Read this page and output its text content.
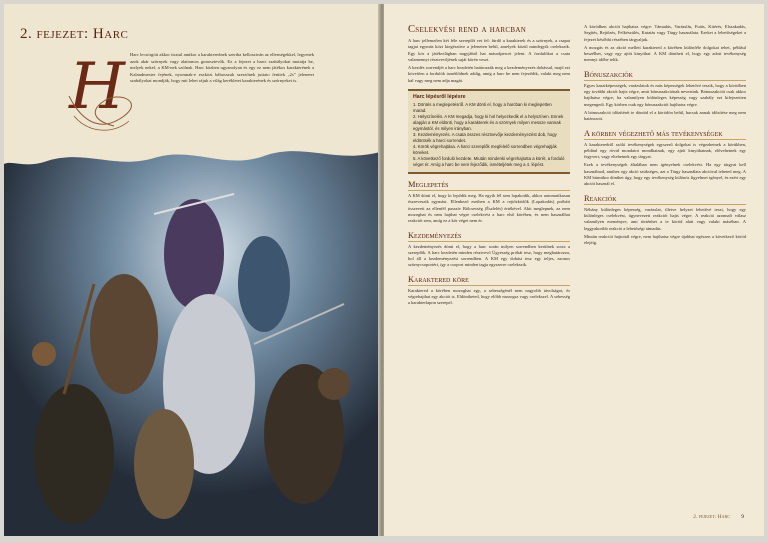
2. fejezet: Harc
H Harc lecsörgött akkor tisztul amikor a karakterednek szeriba kellosztván az ellenségekkel, legyenek azok akár szörnyek vagy alattomos gonosztevők. Ez a fejezet a harci szabályokat mutatja be, melyek nekel, a KM-nek szólnak. Harc közben ugyanolyan és egy ez nem játékos karakterének a Kalandmester fejének, nyomnak-e eszközt bábosszuk szerzőnek juttato fentiek „2s” jelenetet szabályokat mondják, hogy mit lehet rájuk a világ kerékletei karakterének és szórnyeket is.

Cselekvési rend a harcban

A harc jellemzően két féle szereplőt vet fel: fürdő a karakterek és a szörnyek, a csapat tagjai egymás közt kiegészítve a jeleneten belül, amelyek közül mindegyik cselekszik. Egy kör a játékvilágban nagyjából hat másodpercet jelent. A fordulókat a csata valamennyi résztvevőjének saját körén veszi.

A kezdés sorrendjét a harc kezdetén határozzák meg a kezdeményezés dobással, majd ezt követően a fordulók ismétlődnek addig, amíg a harc be nem fejeződik, valaki meg nem hal vagy meg nem adja magát.

Harc lépésről lépésre
1. Döntés a meglepetésről. A KM dönti el, hogy a harcban ki meglepetten marad.
2. Helyszínelés. A KM megadja, hogy ki hol helyezkedik el a helyszínen. Ennek alapján a KM eldönti, hogy a karakterek és a szörnyek milyen messze vannak egymástól, és milyen irányban.
3. Kezdeményezés. A csata összes résztvevője kezdeményezést dob, hogy eldöntsék a harci sorrendet.
4. Körök végrehajtása. A harci szereplők megfelelő sorrendben végrehajtják köreiket.
5. A következő forduló kezdete. Miután mindenki végrehajtotta a körét, a forduló véget ér. Amíg a harc be nem fejeződik, ismételjétek meg a 4. lépést.
Meglepetés

A KM dönti el, hogy ki lepődik meg. Ha egyik fél sem lopakodik, akkor automatikusan észreveszik egymást. Ellenkező esetben a KM a rejtőzködők (Lopakodás) próbáit összeveti az ellenfél passzív Bölcsesség (Észlelés) értékével. Akit meglepnek, az nem mozoghat és nem hajthat végre cselekvést a harc első körében, és nem használhat reakciót sem, amíg ez a kör véget nem ér.

Kezdeményezés

A kezdeményezés dönti el, hogy a harc során milyen sorrendben kerülnek sorra a szereplők. A harc kezdetén minden résztvevő Ügyesség próbát tesz, hogy meghatározza, hol áll a kezdeményezési sorrendben. A KM egy dobást tesz egy teljes, azonos szörnycsoportért, így a csoport minden tagja egyszerre cselekszik.

Karaktered köre

Karaktered a körében mozoghat egy, a sebességénél nem nagyobb távolságot, és végrehajthat egy akciót is. Eldöntheted, hogy előbb mozogsz vagy cselekszel. A sebesség a karakterlapon szerepel.

A körödben akciót hajthatsz végre: Támadás, Varázslás, Futás, Kitérés, Elszakadás, Segítés, Rejtőzés, Felkészülés, Kutatás vagy Tárgy használata. Ezeket a lehetőségeket a fejezet későbbi részében tárgyaljuk.

A mozgás és az akció mellett karaktered a körében különféle dolgokat tehet, például beszélhet, vagy egy ajtót kinyithat. A KM döntheti el, hogy egy adott tevékenység mennyi időbe telik.

Bónuszakciók

Egyes kasztképességek, varázslatok és más képességek lehetővé teszik, hogy a körödben egy további akciót hajts végre, amit bónuszakciónak nevezünk. Bónuszakciót csak akkor hajthatsz végre, ha valamilyen különleges képesség vagy szabály ezt kifejezetten megengedi. Egy körben csak egy bónuszakciót hajthatsz végre.

A bónuszakció időzítését te döntöd el a körödön belül, hacsak annak időzítése meg nem határozott.

A körben végezhető más tevékenységek

A karakteredről szóló tevékenységek egyszerű dolgokat is végezhetnek a körükben, például egy rövid mondatot mondhatnak, egy ajtót kinyithatnak, elővehetnek egy fegyvert, vagy eltehetnek egy tárgyat.

Ezek a tevékenységek általában nem igényelnek cselekvést. Ha egy tárgyat kell használnod, amihez egy akció szükséges, azt a Tárgy használata akcióval teheted meg. A KM bármikor dönthet úgy, hogy egy tevékenység különös figyelmet igényel, és ezért egy akciót használ el.

Reakciók

Néhány különleges képesség, varázslat, illetve helyzet lehetővé teszi, hogy egy különleges cselekvést, úgynevezett reakciót hajts végre. A reakció azonnali válasz valamilyen eseményre, ami történhet a te köröd alatt vagy valaki máséban. A leggyakoribb reakció a lehetőségi támadás.

Miután reakciót hajtottál végre, nem hajthatsz végre újabbat egészen a következő köröd elejéig.

2. fejezet: Harc 9
